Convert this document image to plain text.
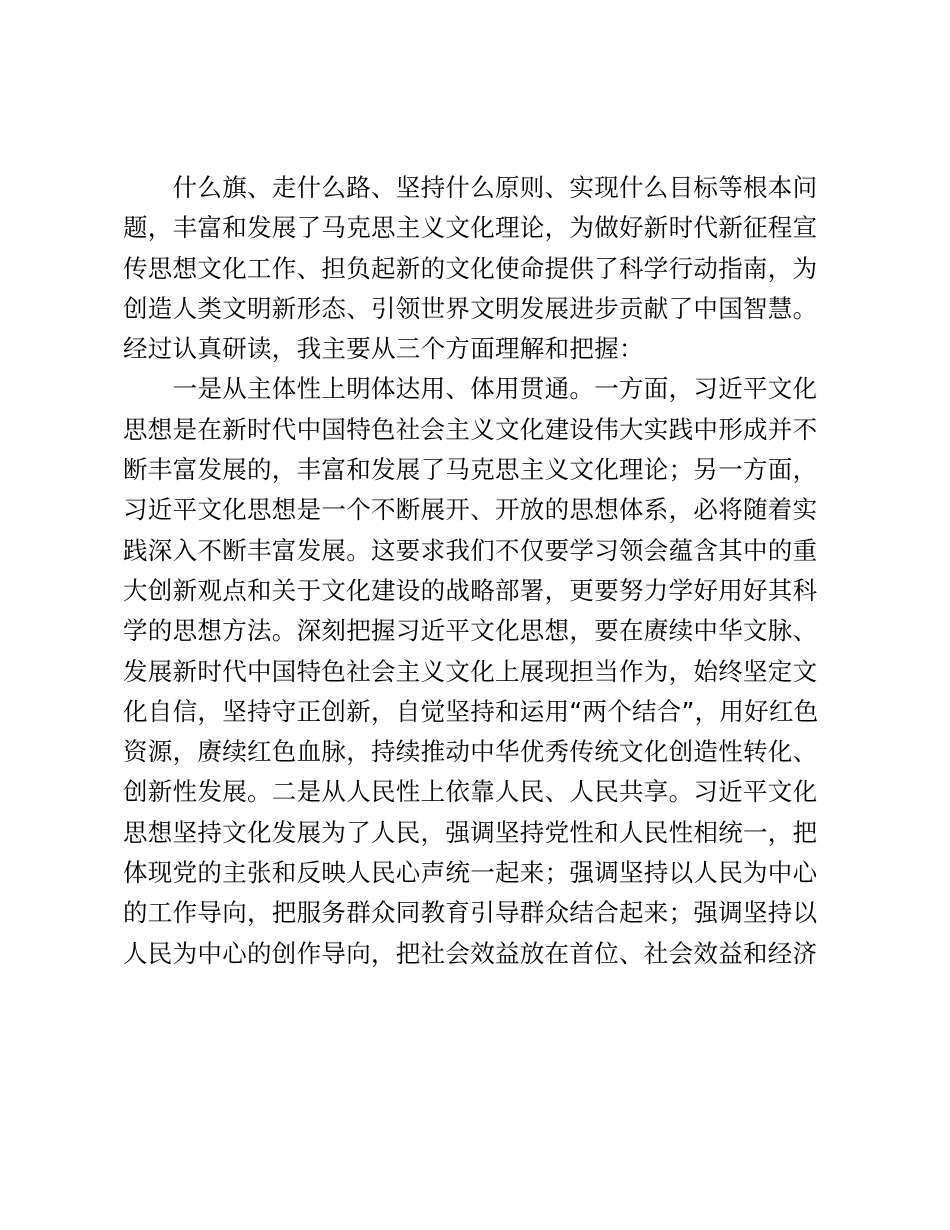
　　什么旗、走什么路、坚持什么原则、实现什么目标等根本问
题，丰富和发展了马克思主义文化理论，为做好新时代新征程宣
传思想文化工作、担负起新的文化使命提供了科学行动指南，为
创造人类文明新形态、引领世界文明发展进步贡献了中国智慧。
经过认真研读，我主要从三个方面理解和把握：
　　一是从主体性上明体达用、体用贯通。一方面，习近平文化
思想是在新时代中国特色社会主义文化建设伟大实践中形成并不
断丰富发展的，丰富和发展了马克思主义文化理论；另一方面，
习近平文化思想是一个不断展开、开放的思想体系，必将随着实
践深入不断丰富发展。这要求我们不仅要学习领会蕴含其中的重
大创新观点和关于文化建设的战略部署，更要努力学好用好其科
学的思想方法。深刻把握习近平文化思想，要在赓续中华文脉、
发展新时代中国特色社会主义文化上展现担当作为，始终坚定文
化自信，坚持守正创新，自觉坚持和运用“两个结合”，用好红色
资源，赓续红色血脉，持续推动中华优秀传统文化创造性转化、
创新性发展。二是从人民性上依靠人民、人民共享。习近平文化
思想坚持文化发展为了人民，强调坚持党性和人民性相统一，把
体现党的主张和反映人民心声统一起来；强调坚持以人民为中心
的工作导向，把服务群众同教育引导群众结合起来；强调坚持以
人民为中心的创作导向，把社会效益放在首位、社会效益和经济
